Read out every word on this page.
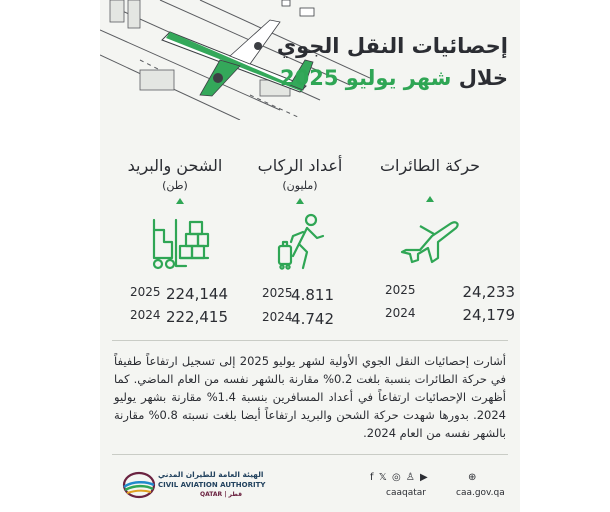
إحصائيات النقل الجوي
خلال شهر يوليو 2025
حركة الطائرات
2025	24,233
2024	24,179
أعداد الركاب
(مليون)
2025
4.811
2024
4.742
الشحن والبريد
(طن)
2025 224,144
2024 222,415
أشارت إحصائيات النقل الجوي الأولية لشهر يوليو 2025 إلى تسجيل ارتفاعاً طفيفاً في حركة الطائرات بنسبة بلغت 0.2% مقارنة بالشهر نفسه من العام الماضي. كما أظهرت الإحصائيات ارتفاعاً في أعداد المسافرين بنسبة 1.4% مقارنة بشهر يوليو 2024. بدورها شهدت حركة الشحن والبريد ارتفاعاً أيضا بلغت نسبته 0.8% مقارنة بالشهر نفسه من العام 2024.
الهيئة العامة للطيران المدني
CIVIL AVIATION AUTHORITY
QATAR | قطر
f 𝕏 ◎ ♙ ▶
caaqatar
⊕
caa.gov.qa
